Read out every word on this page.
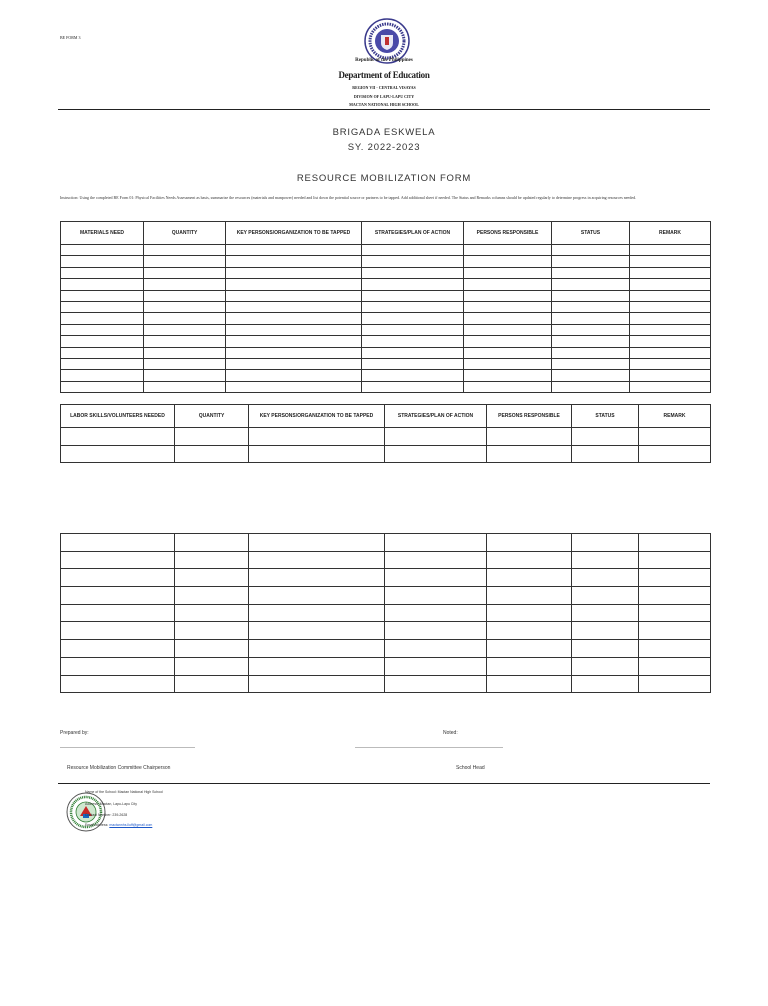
BE FORM 3
Republic of the Philippines
Department of Education
REGION VII - CENTRAL VISAYAS
DIVISION OF LAPU-LAPU CITY
MACTAN NATIONAL HIGH SCHOOL
BRIGADA ESKWELA
SY. 2022-2023
RESOURCE MOBILIZATION FORM
Instruction: Using the completed BE Form 01: Physical Facilities Needs Assessment as basis, summarize the resources (materials and manpower) needed and list down the potential source or partners to be tapped. Add additional sheet if needed. The Status and Remarks columns should be updated regularly to determine progress in acquiring resources needed.
MATERIALS NEED	QUANTITY	KEY PERSONS/ORGANIZATION TO BE TAPPED	STRATEGIES/PLAN OF ACTION	PERSONS RESPONSIBLE	STATUS	REMARK

LABOR SKILLS/VOLUNTEERS NEEDED	QUANTITY	KEY PERSONS/ORGANIZATION TO BE TAPPED	STRATEGIES/PLAN OF ACTION	PERSONS RESPONSIBLE	STATUS	REMARK

Prepared by:
Resource Mobilization Committee Chairperson
Noted:
School Head
Name of the School: Mactan National High School
Address: Mactan, Lapu-Lapu City
Contact Number: 239-2628
Email Address: mactannhs.lluff@gmail.com
